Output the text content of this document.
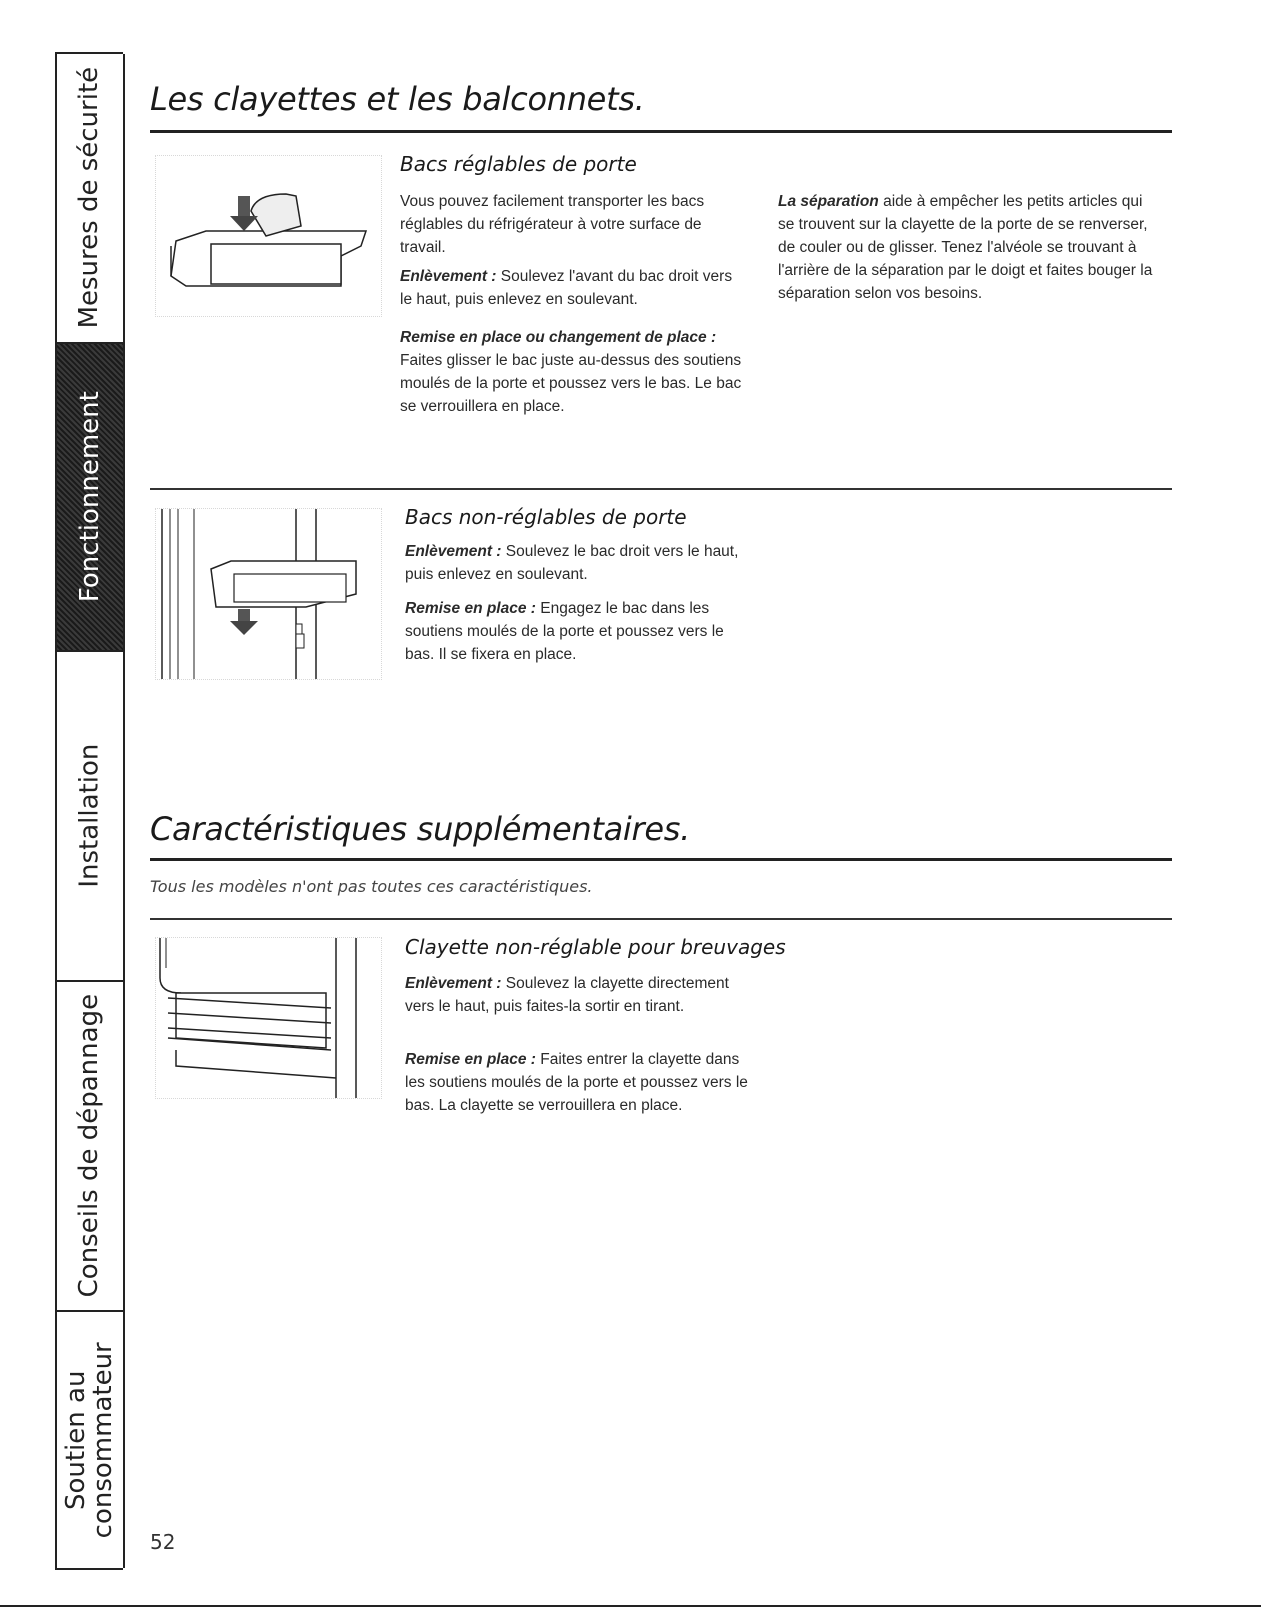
Mesures de sécurité
Fonctionnement
Installation
Conseils de dépannage
Soutien au
consommateur
Les clayettes et les balconnets.
Bacs réglables de porte

Vous pouvez facilement transporter les bacs réglables du réfrigérateur à votre surface de travail.

Enlèvement : Soulevez l'avant du bac droit vers le haut, puis enlevez en soulevant.

Remise en place ou changement de place : Faites glisser le bac juste au-dessus des soutiens moulés de la porte et poussez vers le bas. Le bac se verrouillera en place.

La séparation aide à empêcher les petits articles qui se trouvent sur la clayette de la porte de se renverser, de couler ou de glisser. Tenez l'alvéole se trouvant à l'arrière de la séparation par le doigt et faites bouger la séparation selon vos besoins.

Bacs non-réglables de porte

Enlèvement : Soulevez le bac droit vers le haut, puis enlevez en soulevant.

Remise en place : Engagez le bac dans les soutiens moulés de la porte et poussez vers le bas. Il se fixera en place.

Caractéristiques supplémentaires.

Tous les modèles n'ont pas toutes ces caractéristiques.

Clayette non-réglable pour breuvages

Enlèvement : Soulevez la clayette directement vers le haut, puis faites-la sortir en tirant.

Remise en place : Faites entrer la clayette dans les soutiens moulés de la porte et poussez vers le bas. La clayette se verrouillera en place.

52
